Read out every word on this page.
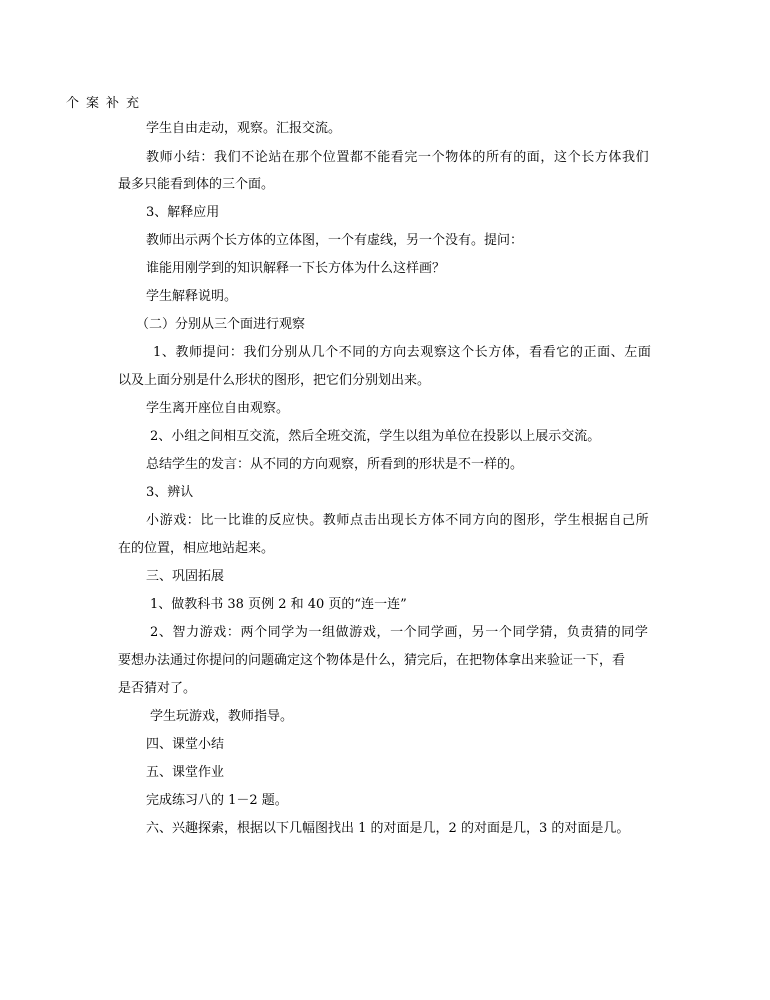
个案补充
学生自由走动，观察。汇报交流。
教师小结：我们不论站在那个位置都不能看完一个物体的所有的面，这个长方体我们
最多只能看到体的三个面。
3、解释应用
教师出示两个长方体的立体图，一个有虚线，另一个没有。提问：
谁能用刚学到的知识解释一下长方体为什么这样画？
学生解释说明。
（二）分别从三个面进行观察
1、教师提问：我们分别从几个不同的方向去观察这个长方体，看看它的正面、左面
以及上面分别是什么形状的图形，把它们分别划出来。
学生离开座位自由观察。
2、小组之间相互交流，然后全班交流，学生以组为单位在投影以上展示交流。
总结学生的发言：从不同的方向观察，所看到的形状是不一样的。
3、辨认
小游戏：比一比谁的反应快。教师点击出现长方体不同方向的图形，学生根据自己所
在的位置，相应地站起来。
三、巩固拓展
1、做教科书 38 页例 2 和 40 页的“连一连”
2、智力游戏：两个同学为一组做游戏，一个同学画，另一个同学猜，负责猜的同学
要想办法通过你提问的问题确定这个物体是什么，猜完后，在把物体拿出来验证一下，看
是否猜对了。
学生玩游戏，教师指导。
四、课堂小结
五、课堂作业
完成练习八的 1－2 题。
六、兴趣探索，根据以下几幅图找出 1 的对面是几，2 的对面是几，3 的对面是几。
